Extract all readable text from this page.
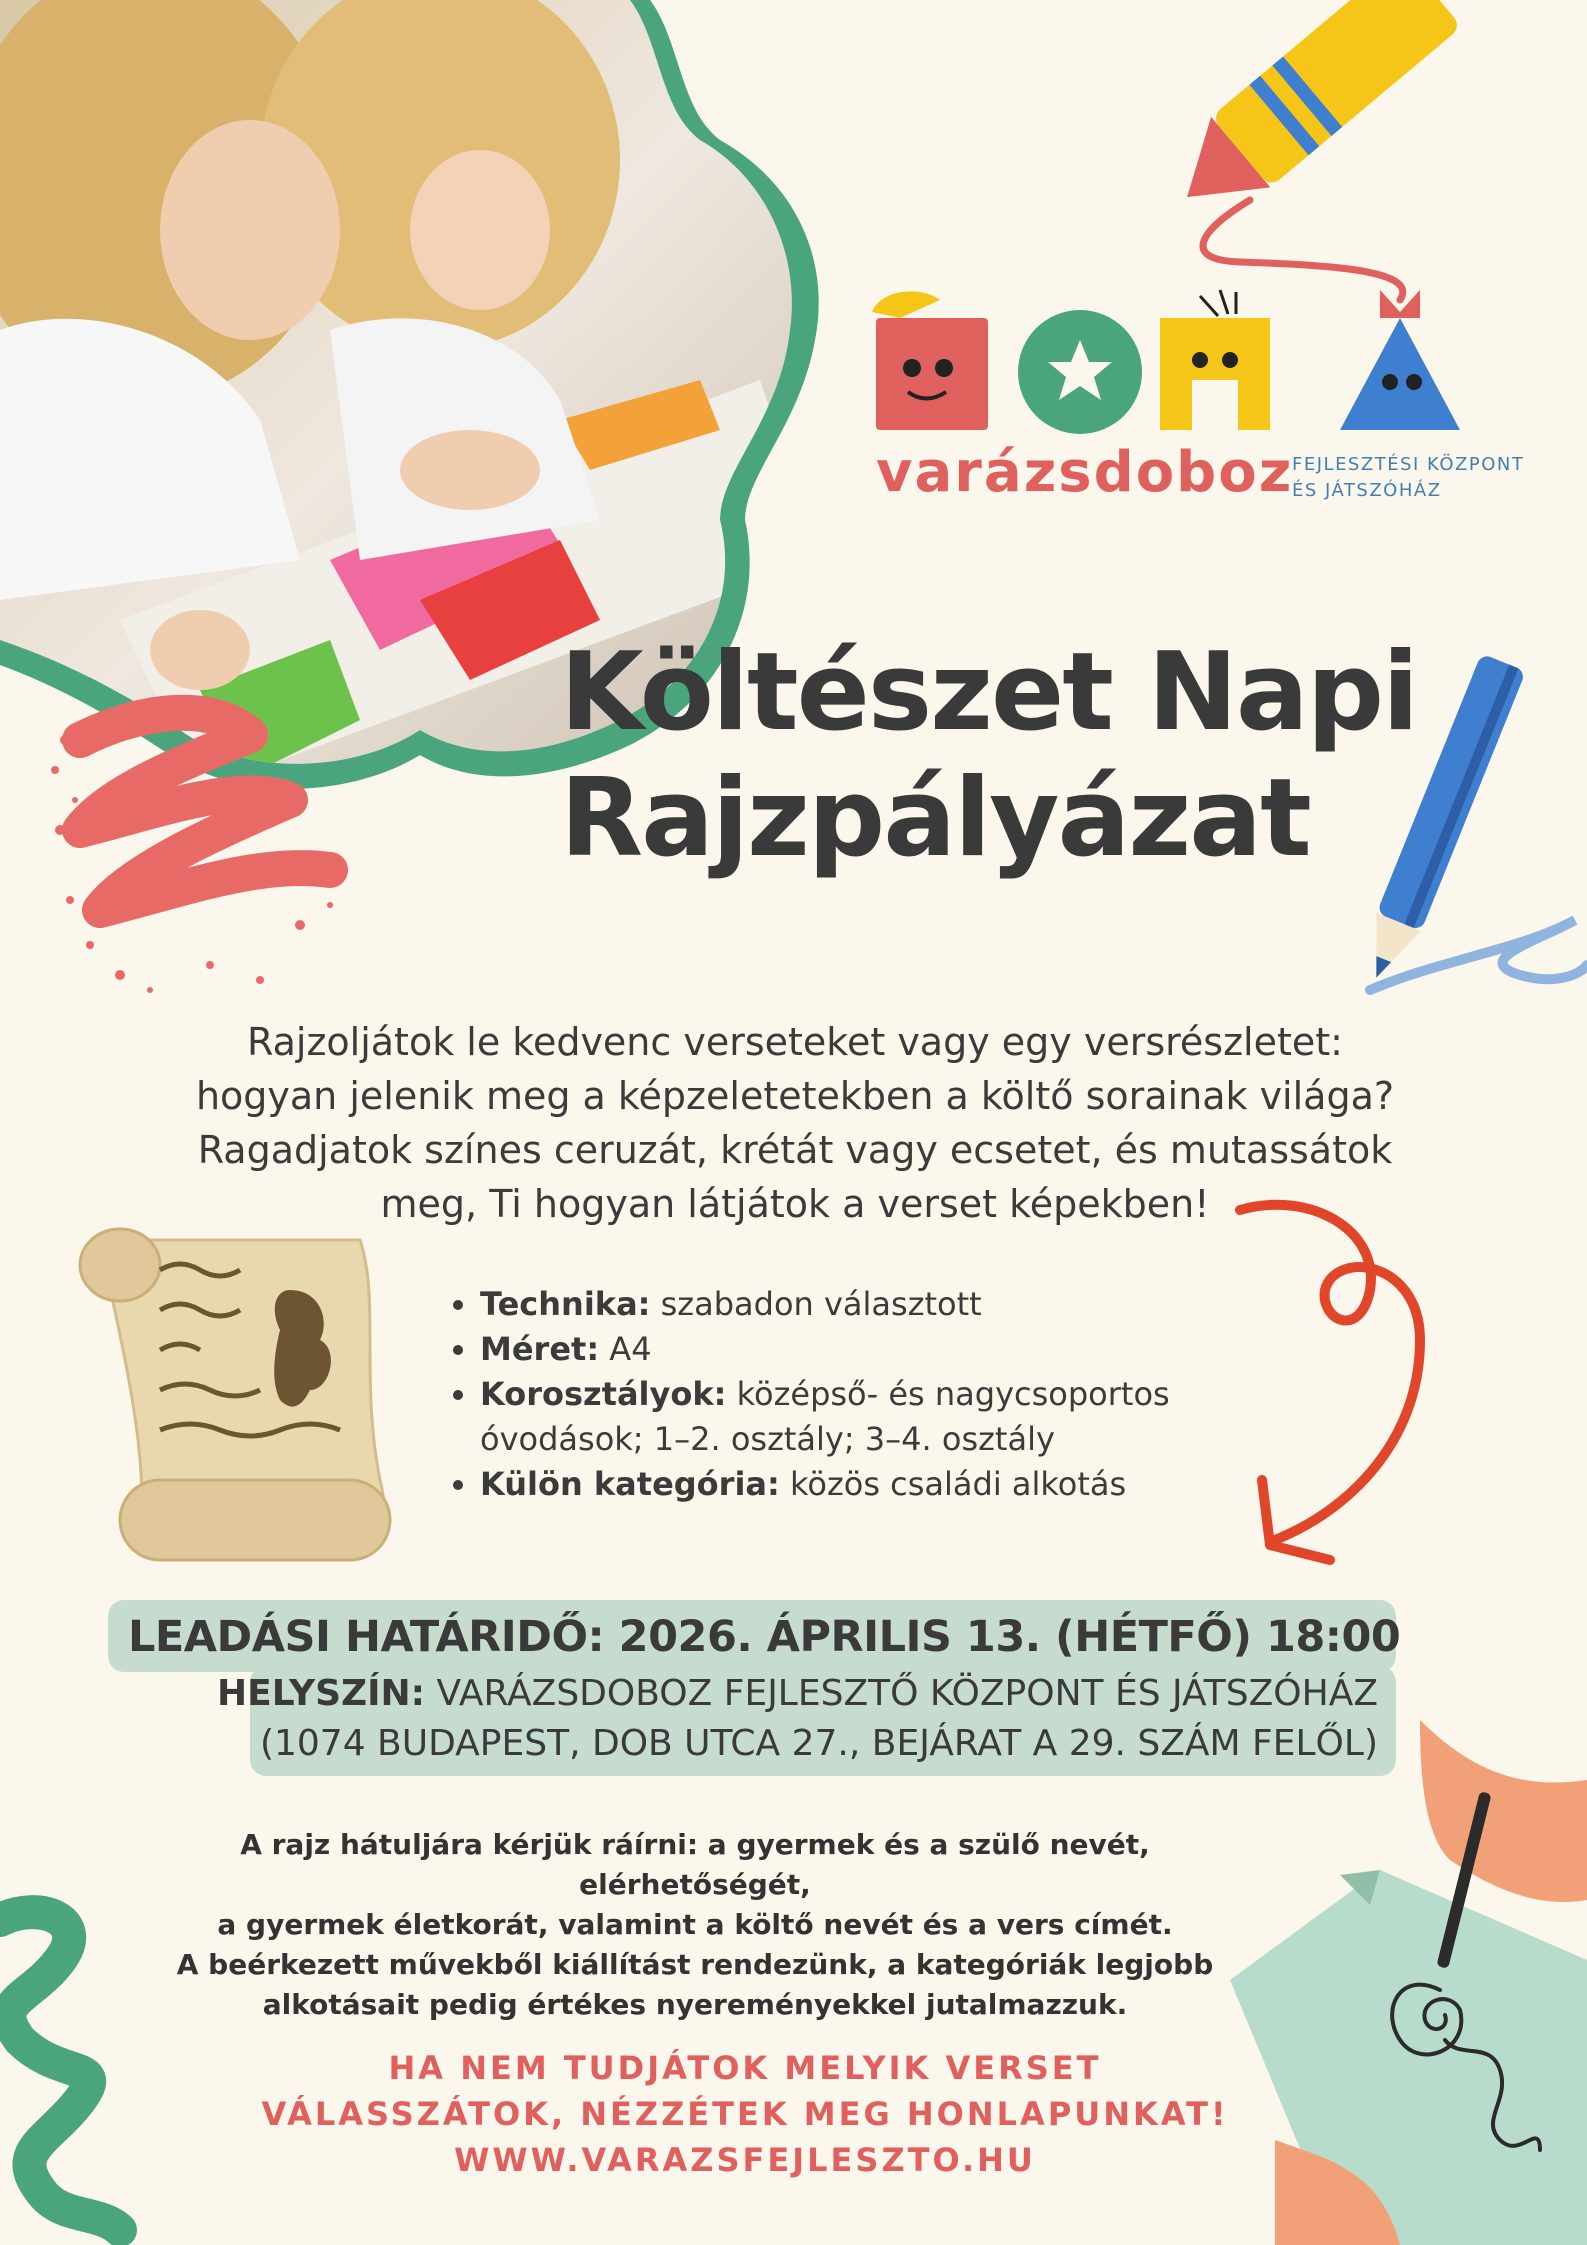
varázsdoboz
FEJLESZTÉSI KÖZPONT
ÉS JÁTSZÓHÁZ
Költészet Napi
Rajzpályázat
Rajzoljátok le kedvenc verseteket vagy egy versrészletet:
hogyan jelenik meg a képzeletetekben a költő sorainak világa?
Ragadjatok színes ceruzát, krétát vagy ecsetet, és mutassátok
meg, Ti hogyan látjátok a verset képekben!
• Technika: szabadon választott
• Méret: A4
• Korosztályok: középső- és nagycsoportos
óvodások; 1–2. osztály; 3–4. osztály
• Külön kategória: közös családi alkotás
LEADÁSI HATÁRIDŐ: 2026. ÁPRILIS 13. (HÉTFŐ) 18:00
HELYSZÍN: VARÁZSDOBOZ FEJLESZTŐ KÖZPONT ÉS JÁTSZÓHÁZ
(1074 BUDAPEST, DOB UTCA 27., BEJÁRAT A 29. SZÁM FELŐL)
A rajz hátuljára kérjük ráírni: a gyermek és a szülő nevét, elérhetőségét,
a gyermek életkorát, valamint a költő nevét és a vers címét.
A beérkezett művekből kiállítást rendezünk, a kategóriák legjobb
alkotásait pedig értékes nyereményekkel jutalmazzuk.
HA NEM TUDJÁTOK MELYIK VERSET
VÁLASSZÁTOK, NÉZZÉTEK MEG HONLAPUNKAT!
WWW.VARAZSFEJLESZTO.HU
